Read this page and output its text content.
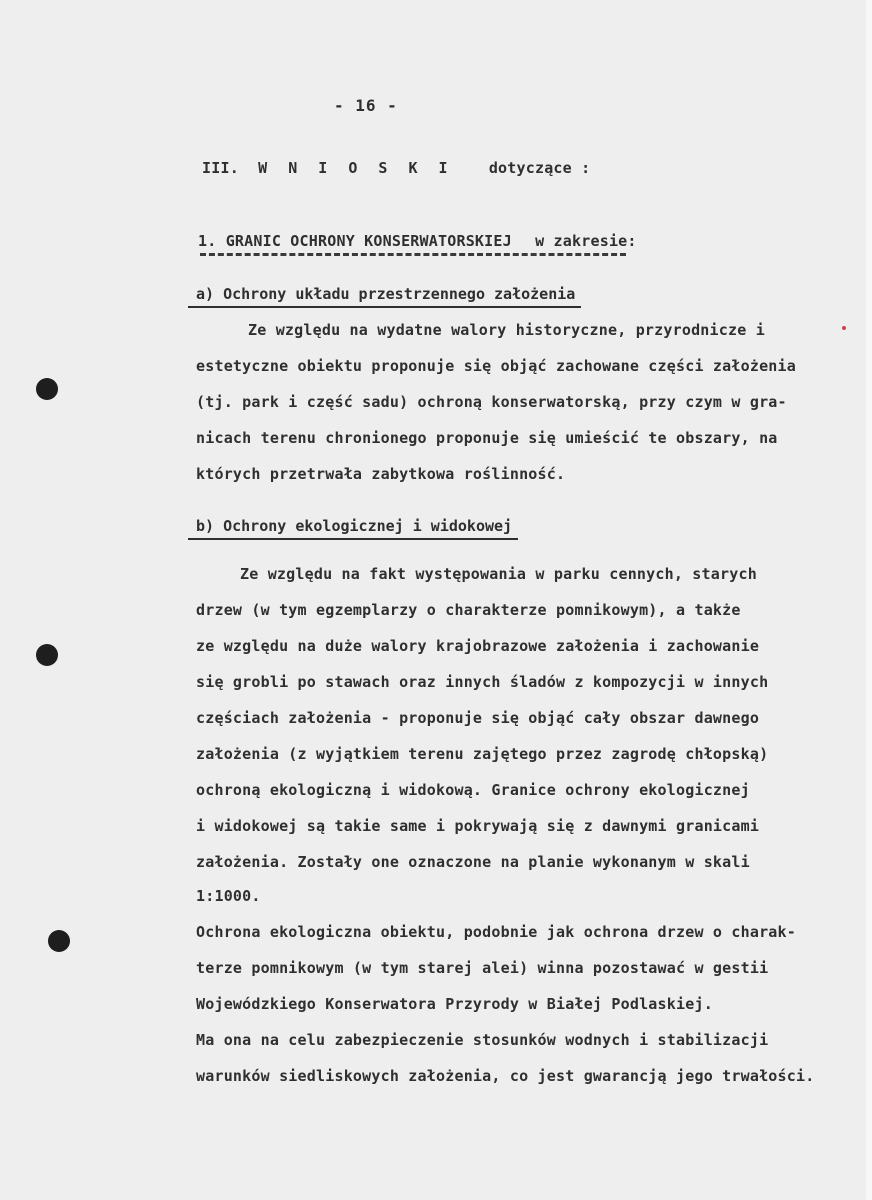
- 16 -
III. W N I O S K I dotyczące :
1. GRANIC OCHRONY KONSERWATORSKIEJ w zakresie:
a) Ochrony układu przestrzennego założenia
Ze względu na wydatne walory historyczne, przyrodnicze i
estetyczne obiektu proponuje się objąć zachowane części założenia
(tj. park i część sadu) ochroną konserwatorską, przy czym w gra-
nicach terenu chronionego proponuje się umieścić te obszary, na
których przetrwała zabytkowa roślinność.
b) Ochrony ekologicznej i widokowej
Ze względu na fakt występowania w parku cennych, starych
drzew (w tym egzemplarzy o charakterze pomnikowym), a także
ze względu na duże walory krajobrazowe założenia i zachowanie
się grobli po stawach oraz innych śladów z kompozycji w innych
częściach założenia - proponuje się objąć cały obszar dawnego
założenia (z wyjątkiem terenu zajętego przez zagrodę chłopską)
ochroną ekologiczną i widokową. Granice ochrony ekologicznej
i widokowej są takie same i pokrywają się z dawnymi granicami
założenia. Zostały one oznaczone na planie wykonanym w skali
1:1000.
Ochrona ekologiczna obiektu, podobnie jak ochrona drzew o charak-
terze pomnikowym (w tym starej alei) winna pozostawać w gestii
Wojewódzkiego Konserwatora Przyrody w Białej Podlaskiej.
Ma ona na celu zabezpieczenie stosunków wodnych i stabilizacji
warunków siedliskowych założenia, co jest gwarancją jego trwałości.
